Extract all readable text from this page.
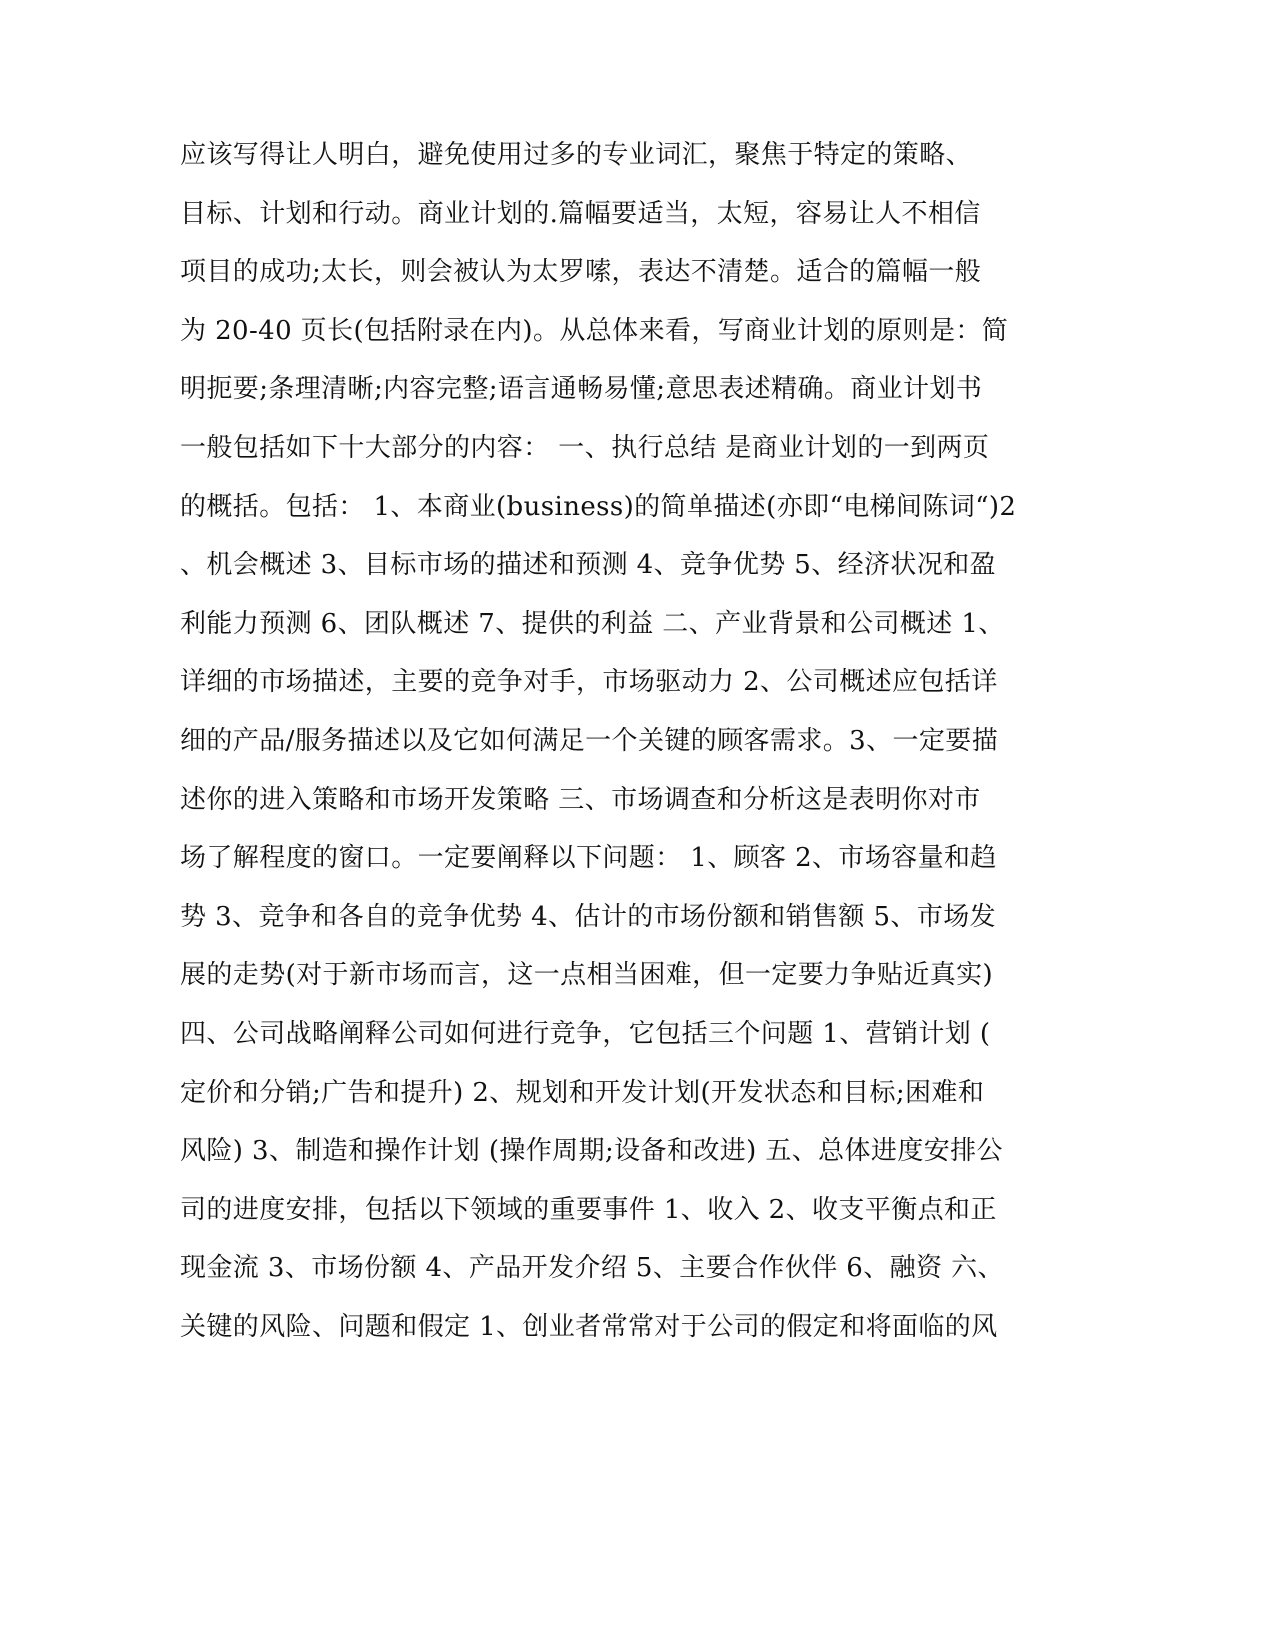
应该写得让人明白，避免使用过多的专业词汇，聚焦于特定的策略、
目标、计划和行动。商业计划的.篇幅要适当，太短，容易让人不相信
项目的成功;太长，则会被认为太罗嗦，表达不清楚。适合的篇幅一般
为 20-40 页长(包括附录在内)。从总体来看，写商业计划的原则是：简
明扼要;条理清晰;内容完整;语言通畅易懂;意思表述精确。商业计划书
一般包括如下十大部分的内容： 一、执行总结 是商业计划的一到两页
的概括。包括： 1、本商业(business)的简单描述(亦即“电梯间陈词“)2
、机会概述 3、目标市场的描述和预测 4、竞争优势 5、经济状况和盈
利能力预测 6、团队概述 7、提供的利益 二、产业背景和公司概述 1、
详细的市场描述，主要的竞争对手，市场驱动力 2、公司概述应包括详
细的产品/服务描述以及它如何满足一个关键的顾客需求。3、一定要描
述你的进入策略和市场开发策略 三、市场调查和分析这是表明你对市
场了解程度的窗口。一定要阐释以下问题： 1、顾客 2、市场容量和趋
势 3、竞争和各自的竞争优势 4、估计的市场份额和销售额 5、市场发
展的走势(对于新市场而言，这一点相当困难，但一定要力争贴近真实)
四、公司战略阐释公司如何进行竞争，它包括三个问题 1、营销计划 (
定价和分销;广告和提升) 2、规划和开发计划(开发状态和目标;困难和
风险) 3、制造和操作计划 (操作周期;设备和改进) 五、总体进度安排公
司的进度安排，包括以下领域的重要事件 1、收入 2、收支平衡点和正
现金流 3、市场份额 4、产品开发介绍 5、主要合作伙伴 6、融资 六、
关键的风险、问题和假定 1、创业者常常对于公司的假定和将面临的风
